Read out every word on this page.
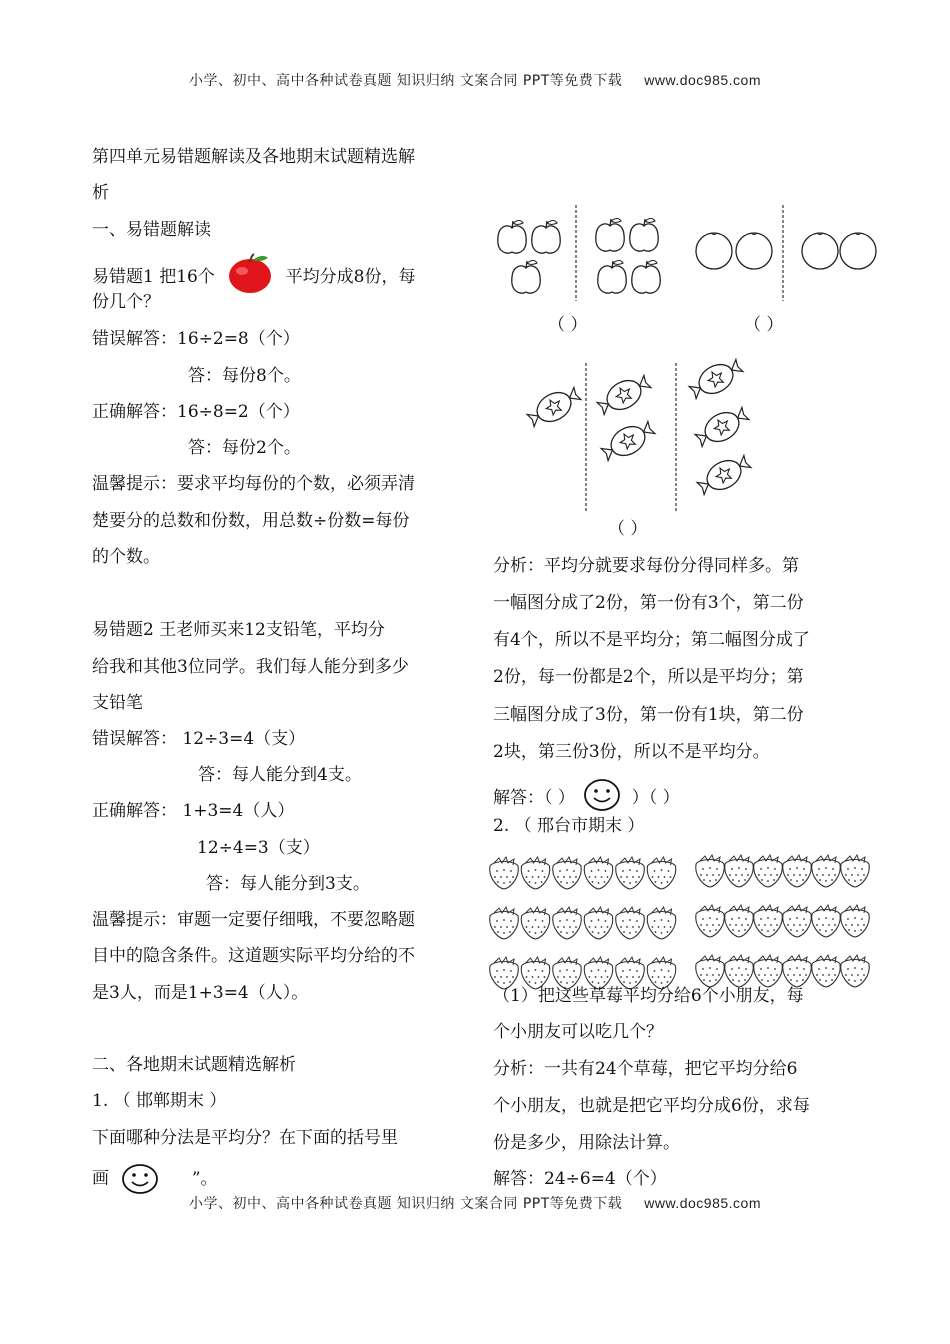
小学、初中、高中各种试卷真题 知识归纳 文案合同 PPT等免费下载 www.doc985.com
第四单元易错题解读及各地期末试题精选解
析
一、易错题解读
易错题1 把16个	平均分成8份，每
份几个？
错误解答：16÷2=8（个）
答：每份8个。
正确解答：16÷8=2（个）
答：每份2个。
温馨提示：要求平均每份的个数，必须弄清
楚要分的总数和份数，用总数÷份数=每份
的个数。
易错题2 王老师买来12支铅笔，平均分
给我和其他3位同学。我们每人能分到多少
支铅笔
错误解答： 12÷3=4（支）
答：每人能分到4支。
正确解答： 1+3=4（人）
12÷4=3（支）
答：每人能分到3支。
温馨提示：审题一定要仔细哦，不要忽略题
目中的隐含条件。这道题实际平均分给的不
是3人，而是1+3=4（人）。
二、各地期末试题精选解析
1. （ 邯郸期末 ）
下面哪种分法是平均分？在下面的括号里
画	”。
（ ）	（ ）
（ ）
分析：平均分就要求每份分得同样多。第
一幅图分成了2份，第一份有3个，第二份
有4个，所以不是平均分；第二幅图分成了
2份，每一份都是2个，所以是平均分；第
三幅图分成了3份，第一份有1块，第二份
2块，第三份3份，所以不是平均分。
解答：（ ）	）（ ）
2. （ 邢台市期末 ）
（1）把这些草莓平均分给6个小朋友，每
个小朋友可以吃几个？
分析：一共有24个草莓，把它平均分给6
个小朋友，也就是把它平均分成6份，求每
份是多少，用除法计算。
解答：24÷6=4（个）
小学、初中、高中各种试卷真题 知识归纳 文案合同 PPT等免费下载 www.doc985.com
